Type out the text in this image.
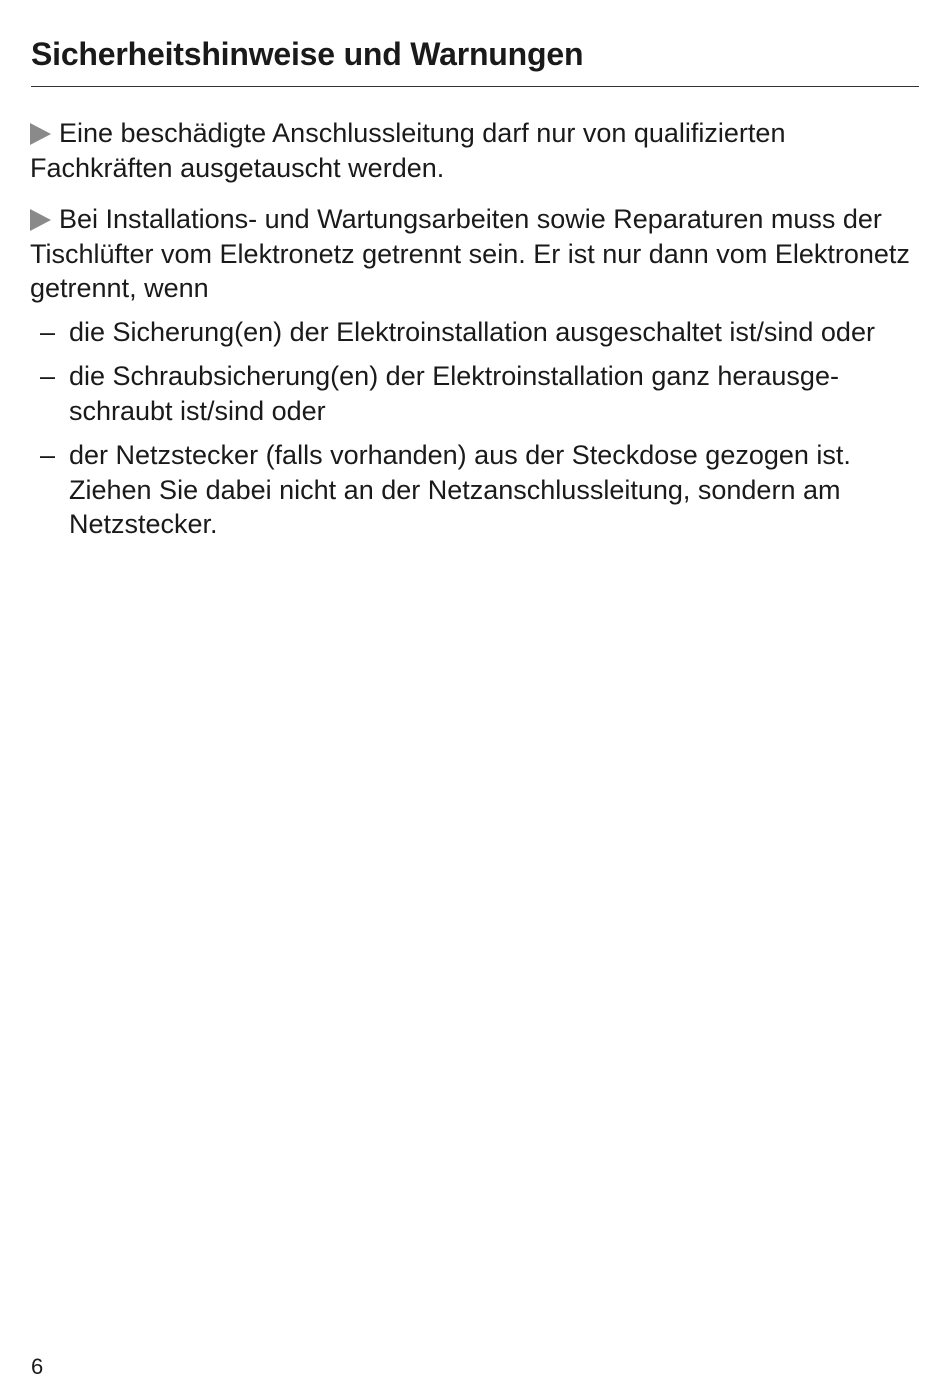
Sicherheitshinweise und Warnungen

Eine beschädigte Anschlussleitung darf nur von qualifizierten Fachkräften ausgetauscht werden.

Bei Installations- und Wartungsarbeiten sowie Reparaturen muss der Tischlüfter vom Elektronetz getrennt sein. Er ist nur dann vom Elektronetz getrennt, wenn

– die Sicherung(en) der Elektroinstallation ausgeschaltet ist/sind oder
– die Schraubsicherung(en) der Elektroinstallation ganz herausge-
schraubt ist/sind oder
– der Netzstecker (falls vorhanden) aus der Steckdose gezogen ist. Ziehen Sie dabei nicht an der Netzanschlussleitung, sondern am Netzstecker.
6
